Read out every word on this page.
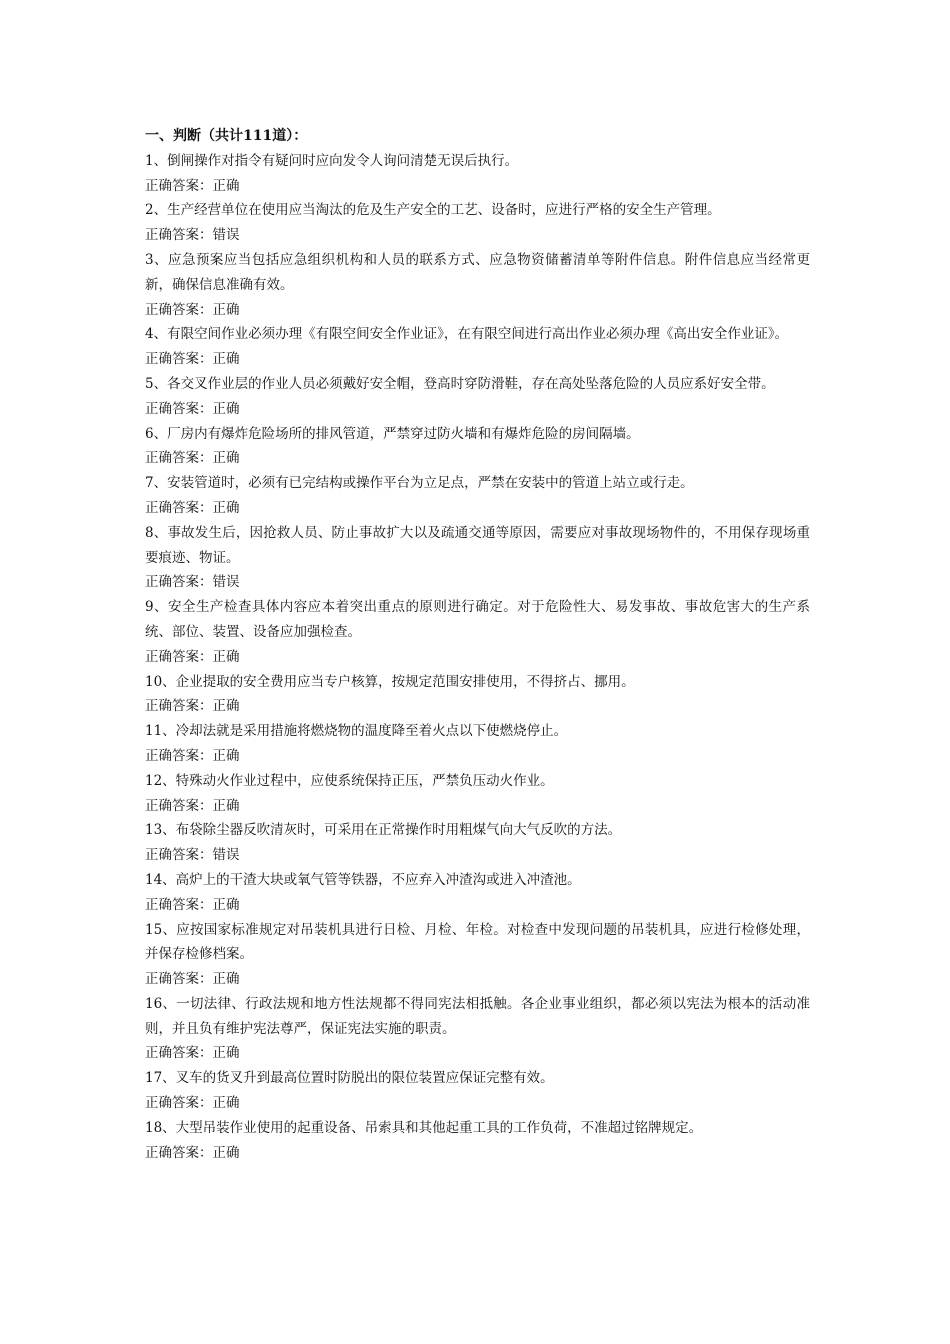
一、判断（共计111道）：

1、倒闸操作对指令有疑问时应向发令人询问清楚无误后执行。

正确答案：正确

2、生产经营单位在使用应当淘汰的危及生产安全的工艺、设备时，应进行严格的安全生产管理。

正确答案：错误

3、应急预案应当包括应急组织机构和人员的联系方式、应急物资储蓄清单等附件信息。附件信息应当经常更新，确保信息准确有效。

正确答案：正确

4、有限空间作业必须办理《有限空间安全作业证》，在有限空间进行高出作业必须办理《高出安全作业证》。

正确答案：正确

5、各交叉作业层的作业人员必须戴好安全帽，登高时穿防滑鞋，存在高处坠落危险的人员应系好安全带。

正确答案：正确

6、厂房内有爆炸危险场所的排风管道，严禁穿过防火墙和有爆炸危险的房间隔墙。

正确答案：正确

7、安装管道时，必须有已完结构或操作平台为立足点，严禁在安装中的管道上站立或行走。

正确答案：正确

8、事故发生后，因抢救人员、防止事故扩大以及疏通交通等原因，需要应对事故现场物件的，不用保存现场重要痕迹、物证。

正确答案：错误

9、安全生产检查具体内容应本着突出重点的原则进行确定。对于危险性大、易发事故、事故危害大的生产系统、部位、装置、设备应加强检查。

正确答案：正确

10、企业提取的安全费用应当专户核算，按规定范围安排使用，不得挤占、挪用。

正确答案：正确

11、冷却法就是采用措施将燃烧物的温度降至着火点以下使燃烧停止。

正确答案：正确

12、特殊动火作业过程中，应使系统保持正压，严禁负压动火作业。

正确答案：正确

13、布袋除尘器反吹清灰时，可采用在正常操作时用粗煤气向大气反吹的方法。

正确答案：错误

14、高炉上的干渣大块或氧气管等铁器，不应弃入冲渣沟或进入冲渣池。

正确答案：正确

15、应按国家标准规定对吊装机具进行日检、月检、年检。对检查中发现问题的吊装机具，应进行检修处理，并保存检修档案。

正确答案：正确

16、一切法律、行政法规和地方性法规都不得同宪法相抵触。各企业事业组织，都必须以宪法为根本的活动准则，并且负有维护宪法尊严，保证宪法实施的职责。

正确答案：正确

17、叉车的货叉升到最高位置时防脱出的限位装置应保证完整有效。

正确答案：正确

18、大型吊装作业使用的起重设备、吊索具和其他起重工具的工作负荷，不准超过铭牌规定。

正确答案：正确
